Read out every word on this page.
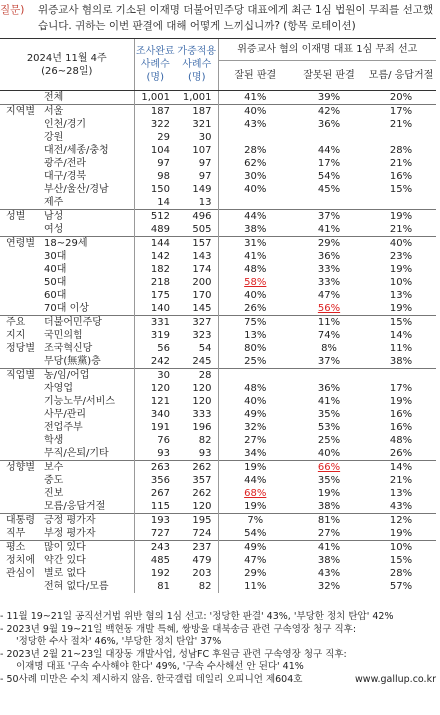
질문) 위증교사 혐의로 기소된 이재명 더불어민주당 대표에게 최근 1심 법원이 무죄를 선고했습니다. 귀하는 이번 판결에 대해 어떻게 느끼십니까? (항목 로테이션)
2024년 11월 4주
(26~28일)		조사완료 사례수 (명)	가중적용 사례수 (명)	위증교사 혐의 이재명 대표 1심 무죄 선고		
				잘된 판결	잘못된 판결	모름/ 응답거절
	전체	1,001	1,001	41%	39%	20%
지역별	서울	187	187	40%	42%	17%
	인천/경기	322	321	43%	36%	21%
	강원	29	30			
	대전/세종/충청	104	107	28%	44%	28%
	광주/전라	97	97	62%	17%	21%
	대구/경북	98	97	30%	54%	16%
	부산/울산/경남	150	149	40%	45%	15%
	제주	14	13			
성별	남성	512	496	44%	37%	19%
	여성	489	505	38%	41%	21%
연령별	18~29세	144	157	31%	29%	40%
	30대	142	143	41%	36%	23%
	40대	182	174	48%	33%	19%
	50대	218	200	58%	33%	10%
	60대	175	170	40%	47%	13%
	70대 이상	140	145	26%	56%	19%
주요	더불어민주당	331	327	75%	11%	15%
지지	국민의힘	319	323	13%	74%	14%
정당별	조국혁신당	56	54	80%	8%	11%
	무당(無黨)층	242	245	25%	37%	38%
직업별	농/임/어업	30	28			
	자영업	120	120	48%	36%	17%
	기능노무/서비스	121	120	40%	41%	19%
	사무/관리	340	333	49%	35%	16%
	전업주부	191	196	32%	53%	16%
	학생	76	82	27%	25%	48%
	무직/은퇴/기타	93	93	34%	40%	26%
성향별	보수	263	262	19%	66%	14%
	중도	356	357	44%	35%	21%
	진보	267	262	68%	19%	13%
	모름/응답거절	115	120	19%	38%	43%
대통령	긍정 평가자	193	195	7%	81%	12%
직무	부정 평가자	727	724	54%	27%	19%
평소	많이 있다	243	237	49%	41%	10%
정치에	약간 있다	485	479	47%	38%	15%
관심이	별로 없다	192	203	29%	43%	28%
	전혀 없다/모름	81	82	11%	32%	57%
- 11월 19~21일 공직선거법 위반 혐의 1심 선고: '정당한 판결' 43%, '부당한 정치 탄압' 42%
- 2023년 9월 19~21일 백현동 개발 특혜, 쌍방울 대북송금 관련 구속영장 청구 직후:
'정당한 수사 절차' 46%, '부당한 정치 탄압' 37%
- 2023년 2월 21~23일 대장동 개발사업, 성남FC 후원금 관련 구속영장 청구 직후:
이재명 대표 '구속 수사해야 한다' 49%, '구속 수사해선 안 된다' 41%
- 50사례 미만은 수치 제시하지 않음. 한국갤럽 데일리 오피니언 제604호	www.gallup.co.kr
